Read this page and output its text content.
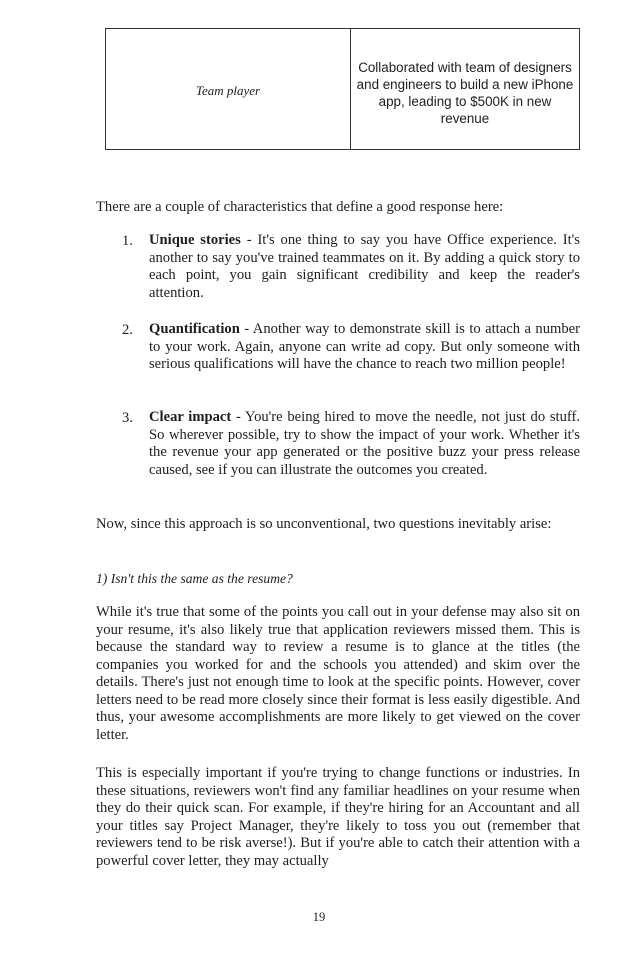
Team player	Collaborated with team of designers and engineers to build a new iPhone app, leading to $500K in new revenue

There are a couple of characteristics that define a good response here:

1. Unique stories - It's one thing to say you have Office experience. It's another to say you've trained teammates on it. By adding a quick story to each point, you gain significant credibility and keep the reader's attention.

2. Quantification - Another way to demonstrate skill is to attach a number to your work. Again, anyone can write ad copy. But only someone with serious qualifications will have the chance to reach two million people!

3. Clear impact - You're being hired to move the needle, not just do stuff. So wherever possible, try to show the impact of your work. Whether it's the revenue your app generated or the positive buzz your press release caused, see if you can illustrate the outcomes you created.

Now, since this approach is so unconventional, two questions inevitably arise:

1) Isn't this the same as the resume?

While it's true that some of the points you call out in your defense may also sit on your resume, it's also likely true that application reviewers missed them. This is because the standard way to review a resume is to glance at the titles (the companies you worked for and the schools you attended) and skim over the details. There's just not enough time to look at the specific points. However, cover letters need to be read more closely since their format is less easily digestible. And thus, your awesome accomplishments are more likely to get viewed on the cover letter.

This is especially important if you're trying to change functions or industries. In these situations, reviewers won't find any familiar headlines on your resume when they do their quick scan. For example, if they're hiring for an Accountant and all your titles say Project Manager, they're likely to toss you out (remember that reviewers tend to be risk averse!). But if you're able to catch their attention with a powerful cover letter, they may actually

19
